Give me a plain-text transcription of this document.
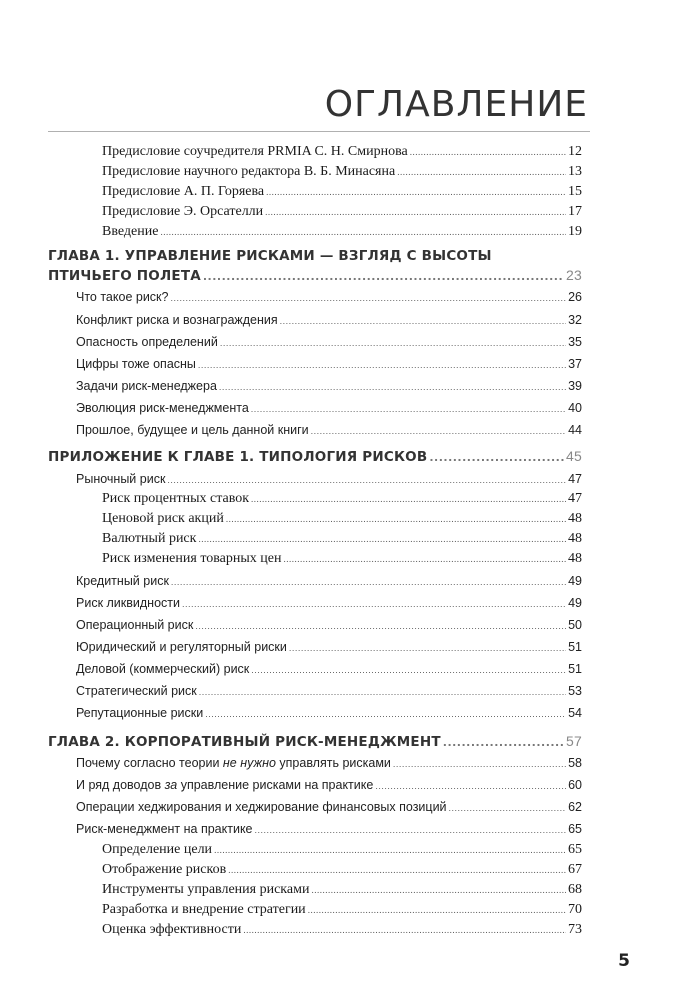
ОГЛАВЛЕНИЕ
Предисловие соучредителя PRMIA С. Н. Смирнова .....	12
Предисловие научного редактора В. Б. Минасяна .....	13
Предисловие А. П. Горяева .....	15
Предисловие Э. Орсателли .....	17
Введение .....	19
ГЛАВА 1. УПРАВЛЕНИЕ РИСКАМИ — ВЗГЛЯД С ВЫСОТЫ
ПТИЧЬЕГО ПОЛЕТА .....	23
Что такое риск? .....	26
Конфликт риска и вознаграждения .....	32
Опасность определений .....	35
Цифры тоже опасны .....	37
Задачи риск-менеджера .....	39
Эволюция риск-менеджмента .....	40
Прошлое, будущее и цель данной книги .....	44
ПРИЛОЖЕНИЕ К ГЛАВЕ 1. ТИПОЛОГИЯ РИСКОВ .....	45
Рыночный риск .....	47
Риск процентных ставок .....	47
Ценовой риск акций .....	48
Валютный риск .....	48
Риск изменения товарных цен .....	48
Кредитный риск .....	49
Риск ликвидности .....	49
Операционный риск .....	50
Юридический и регуляторный риски .....	51
Деловой (коммерческий) риск .....	51
Стратегический риск .....	53
Репутационные риски .....	54
ГЛАВА 2. КОРПОРАТИВНЫЙ РИСК-МЕНЕДЖМЕНТ .....	57
Почему согласно теории не нужно управлять рисками .....	58
И ряд доводов за управление рисками на практике .....	60
Операции хеджирования и хеджирование финансовых позиций .....	62
Риск-менеджмент на практике .....	65
Определение цели .....	65
Отображение рисков .....	67
Инструменты управления рисками .....	68
Разработка и внедрение стратегии .....	70
Оценка эффективности .....	73
5
